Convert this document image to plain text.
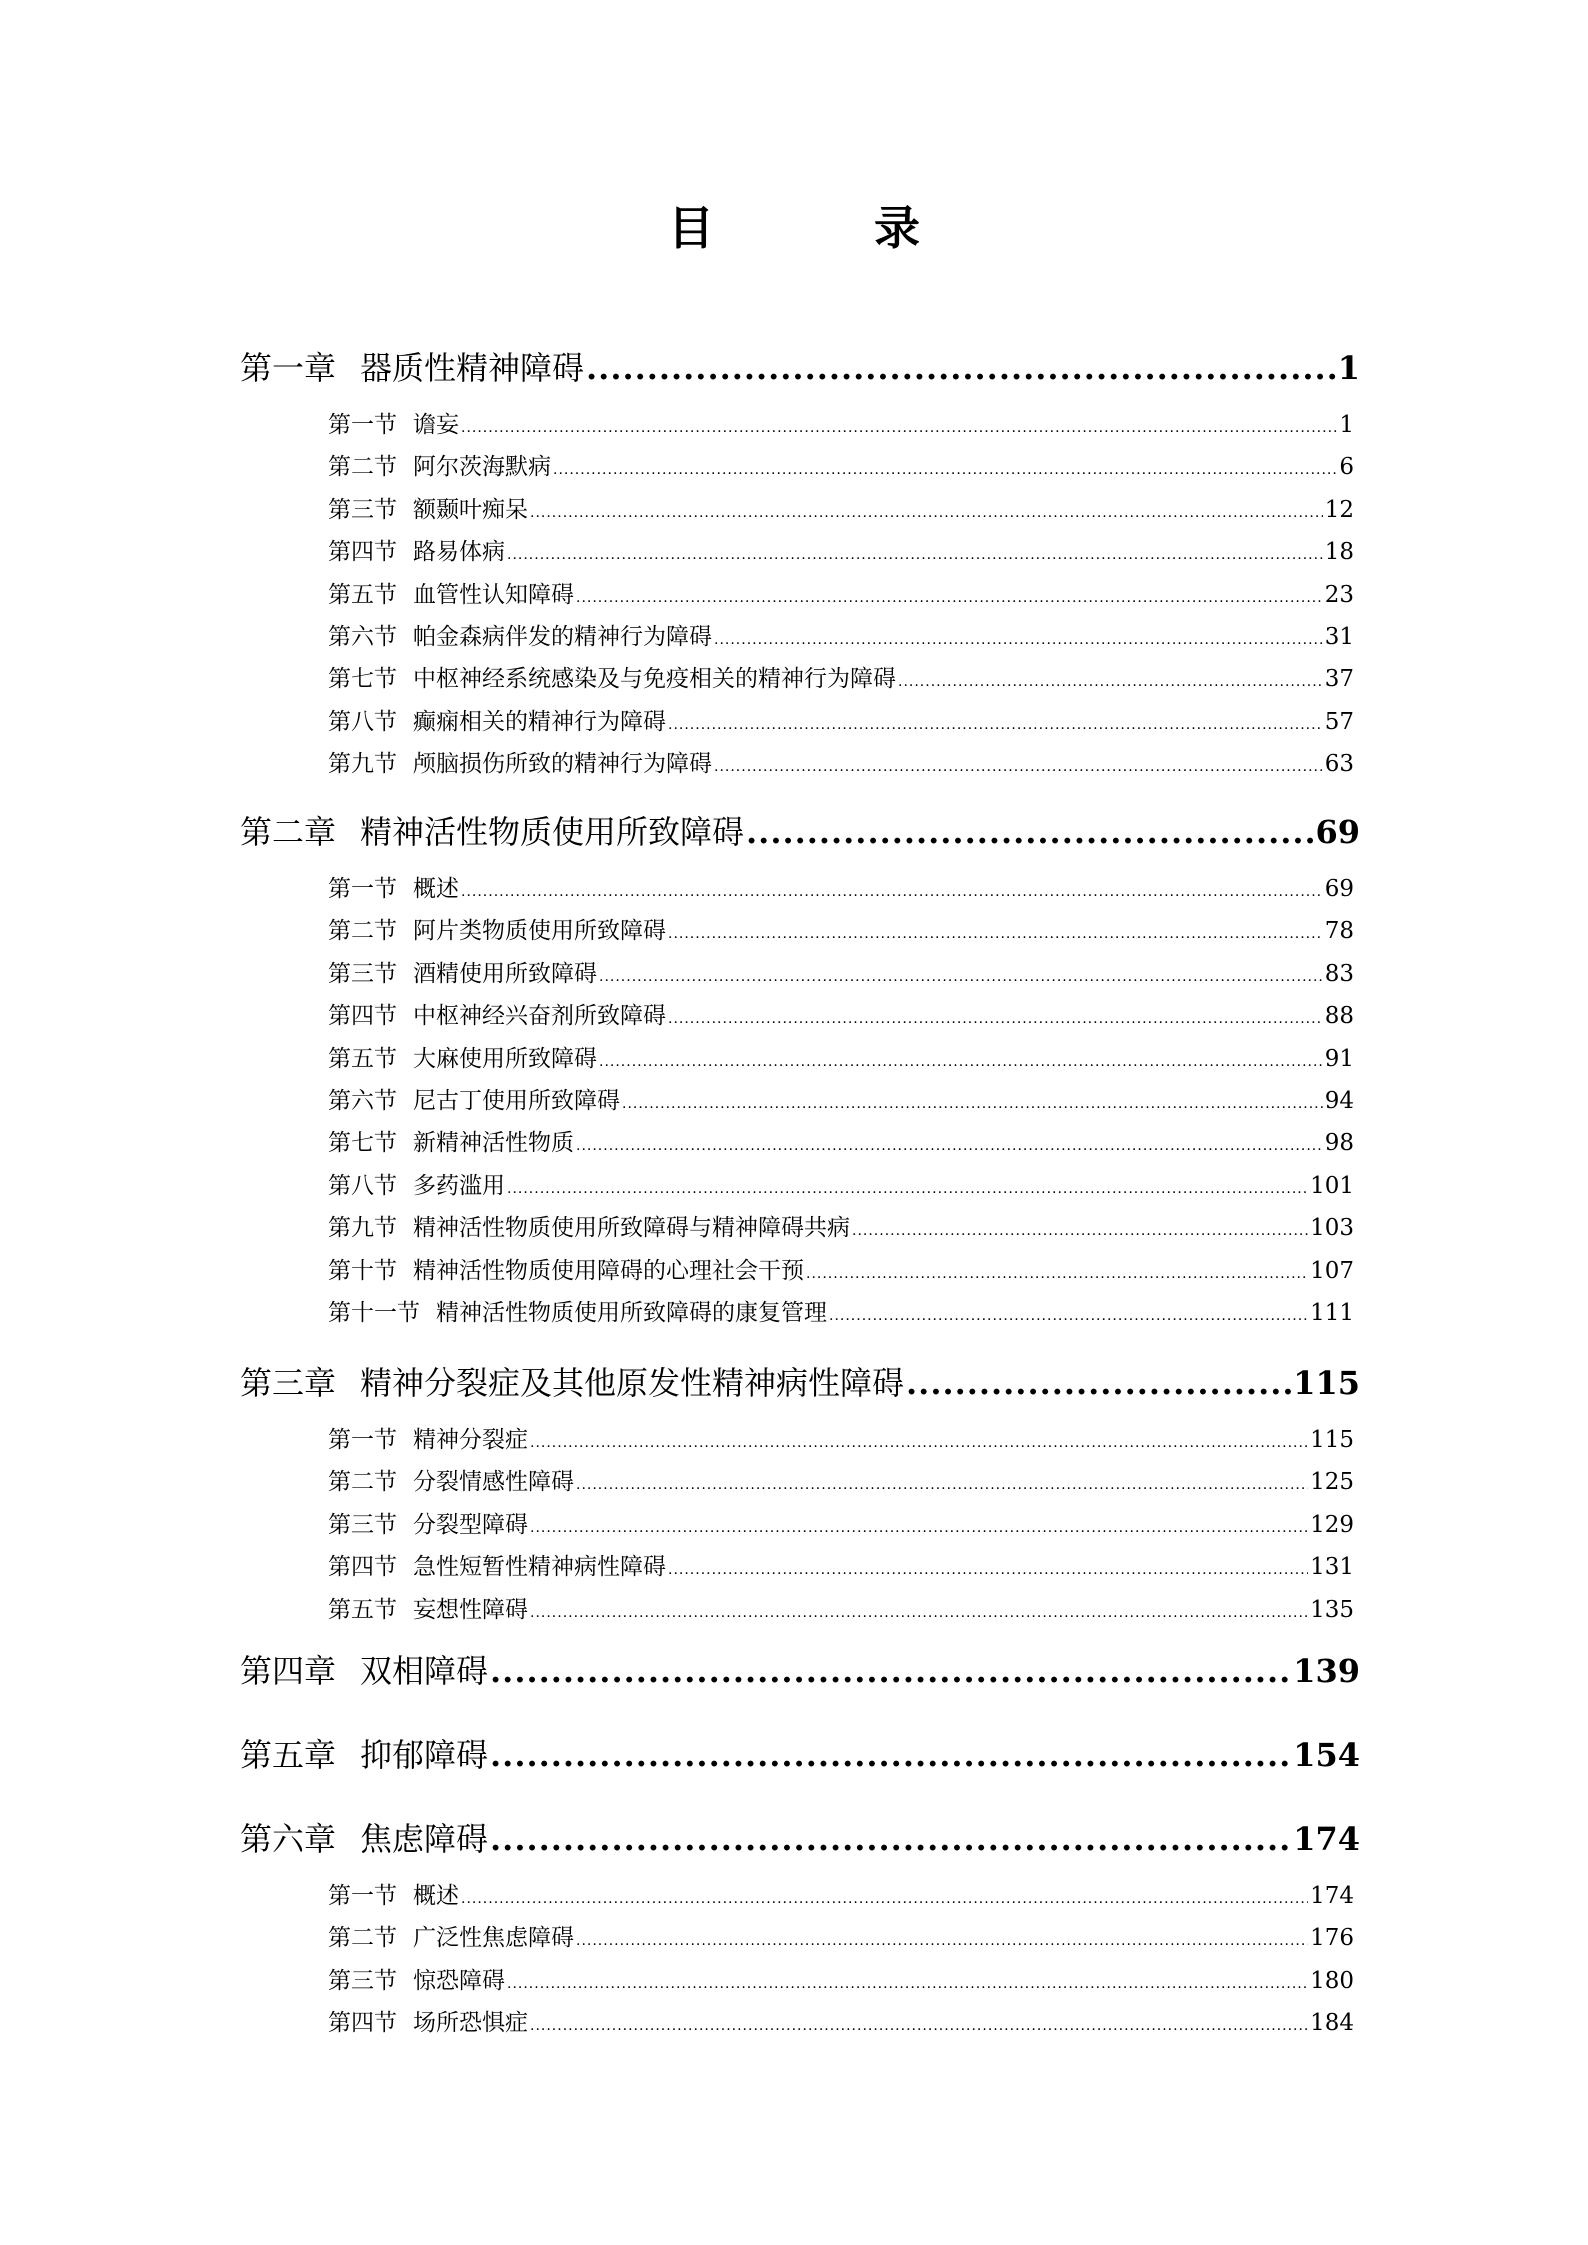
目 录
第一章 器质性精神障碍 .....	1
第一节 谵妄 .....	1
第二节 阿尔茨海默病 .....	6
第三节 额颞叶痴呆 .....	12
第四节 路易体病 .....	18
第五节 血管性认知障碍 .....	23
第六节 帕金森病伴发的精神行为障碍 .....	31
第七节 中枢神经系统感染及与免疫相关的精神行为障碍 .....	37
第八节 癫痫相关的精神行为障碍 .....	57
第九节 颅脑损伤所致的精神行为障碍 .....	63
第二章 精神活性物质使用所致障碍 .....	69
第一节 概述 .....	69
第二节 阿片类物质使用所致障碍 .....	78
第三节 酒精使用所致障碍 .....	83
第四节 中枢神经兴奋剂所致障碍 .....	88
第五节 大麻使用所致障碍 .....	91
第六节 尼古丁使用所致障碍 .....	94
第七节 新精神活性物质 .....	98
第八节 多药滥用 .....	101
第九节 精神活性物质使用所致障碍与精神障碍共病 .....	103
第十节 精神活性物质使用障碍的心理社会干预 .....	107
第十一节 精神活性物质使用所致障碍的康复管理 .....	111
第三章 精神分裂症及其他原发性精神病性障碍 .....	115
第一节 精神分裂症 .....	115
第二节 分裂情感性障碍 .....	125
第三节 分裂型障碍 .....	129
第四节 急性短暂性精神病性障碍 .....	131
第五节 妄想性障碍 .....	135
第四章 双相障碍 .....	139
第五章 抑郁障碍 .....	154
第六章 焦虑障碍 .....	174
第一节 概述 .....	174
第二节 广泛性焦虑障碍 .....	176
第三节 惊恐障碍 .....	180
第四节 场所恐惧症 .....	184
